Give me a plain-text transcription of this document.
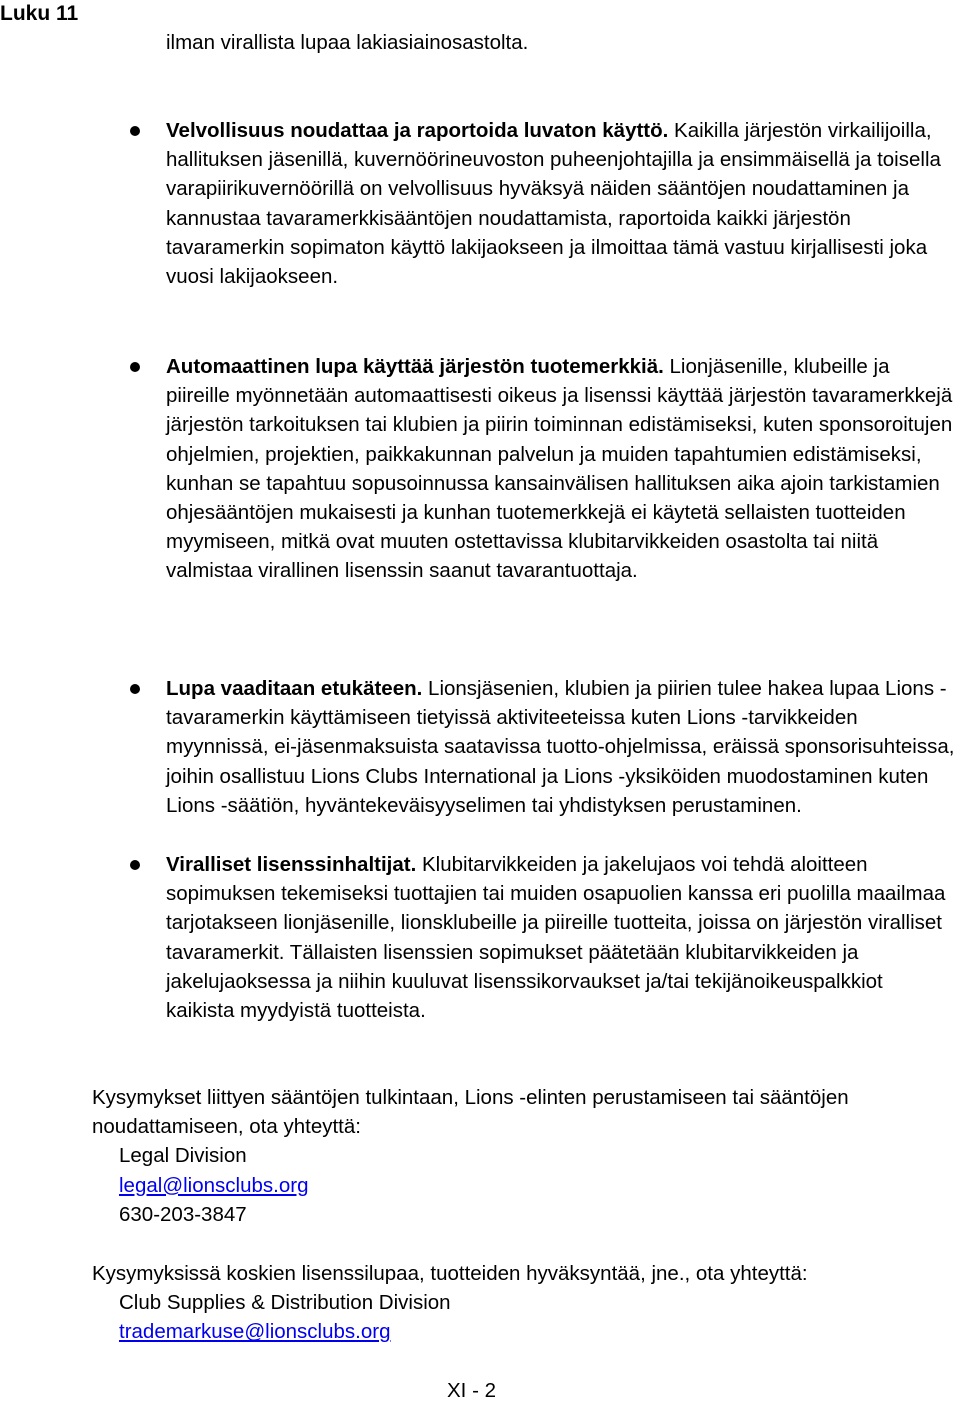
Luku 11

ilman virallista lupaa lakiasiainosastolta.

Velvollisuus noudattaa ja raportoida luvaton käyttö. Kaikilla järjestön virkailijoilla, hallituksen jäsenillä, kuvernöörineuvoston puheenjohtajilla ja ensimmäisellä ja toisella varapiirikuvernöörillä on velvollisuus hyväksyä näiden sääntöjen noudattaminen ja kannustaa tavaramerkkisääntöjen noudattamista, raportoida kaikki järjestön tavaramerkin sopimaton käyttö lakijaokseen ja ilmoittaa tämä vastuu kirjallisesti joka vuosi lakijaokseen.

Automaattinen lupa käyttää järjestön tuotemerkkiä. Lionjäsenille, klubeille ja piireille myönnetään automaattisesti oikeus ja lisenssi käyttää järjestön tavaramerkkejä järjestön tarkoituksen tai klubien ja piirin toiminnan edistämiseksi, kuten sponsoroitujen ohjelmien, projektien, paikkakunnan palvelun ja muiden tapahtumien edistämiseksi, kunhan se tapahtuu sopusoinnussa kansainvälisen hallituksen aika ajoin tarkistamien ohjesääntöjen mukaisesti ja kunhan tuotemerkkejä ei käytetä sellaisten tuotteiden myymiseen, mitkä ovat muuten ostettavissa klubitarvikkeiden osastolta tai niitä valmistaa virallinen lisenssin saanut tavarantuottaja.

Lupa vaaditaan etukäteen. Lionsjäsenien, klubien ja piirien tulee hakea lupaa Lions -tavaramerkin käyttämiseen tietyissä aktiviteeteissa kuten Lions -tarvikkeiden myynnissä, ei-jäsenmaksuista saatavissa tuotto-ohjelmissa, eräissä sponsorisuhteissa, joihin osallistuu Lions Clubs International ja Lions -yksiköiden muodostaminen kuten Lions -säätiön, hyväntekeväisyyselimen tai yhdistyksen perustaminen.

Viralliset lisenssinhaltijat. Klubitarvikkeiden ja jakelujaos voi tehdä aloitteen sopimuksen tekemiseksi tuottajien tai muiden osapuolien kanssa eri puolilla maailmaa tarjotakseen lionjäsenille, lionsklubeille ja piireille tuotteita, joissa on järjestön viralliset tavaramerkit. Tällaisten lisenssien sopimukset päätetään klubitarvikkeiden ja jakelujaoksessa ja niihin kuuluvat lisenssikorvaukset ja/tai tekijänoikeuspalkkiot kaikista myydyistä tuotteista.

Kysymykset liittyen sääntöjen tulkintaan, Lions -elinten perustamiseen tai sääntöjen noudattamiseen, ota yhteyttä:
Legal Division
legal@lionsclubs.org
630-203-3847
Kysymyksissä koskien lisenssilupaa, tuotteiden hyväksyntää, jne., ota yhteyttä:
Club Supplies & Distribution Division
trademarkuse@lionsclubs.org
XI - 2
